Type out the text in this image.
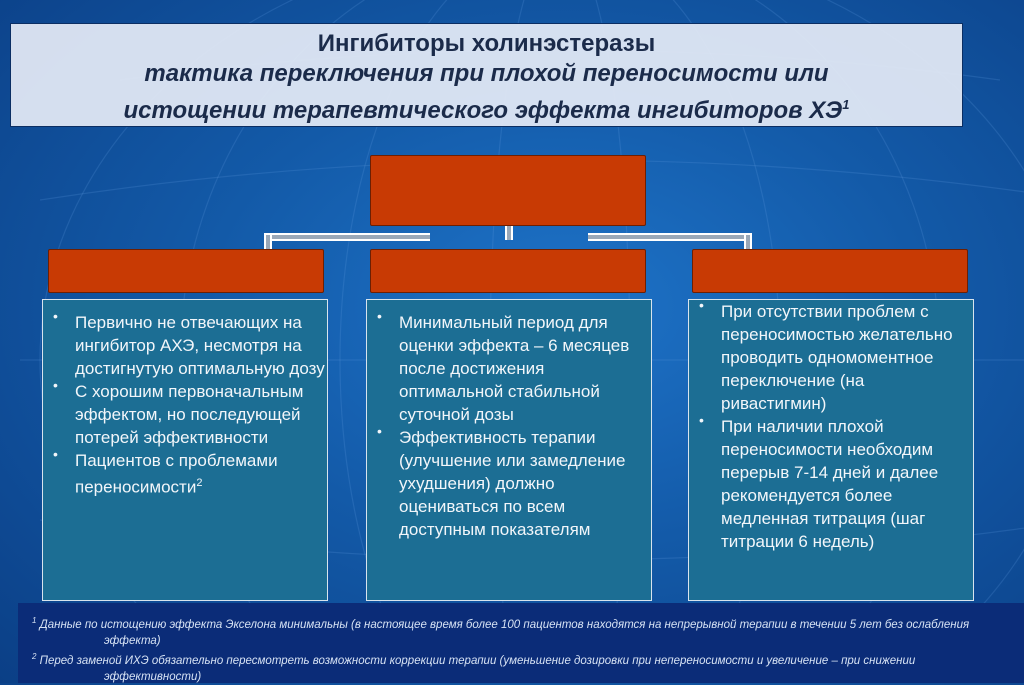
Ингибиторы холинэстеразы
тактика переключения при плохой переносимости или
истощении терапевтического эффекта ингибиторов $ХЭ^1$
• Первично не отвечающих на ингибитор АХЭ, несмотря на достигнутую оптимальную дозу
• С хорошим первоначальным эффектом, но последующей потерей эффективности
• Пациентов с проблемами переносимости$^2$
• Минимальный период для оценки эффекта – 6 месяцев после достижения оптимальной стабильной суточной дозы
• Эффективность терапии (улучшение или замедление ухудшения) должно оцениваться по всем доступным показателям
• При отсутствии проблем с переносимостью желательно проводить одномоментное переключение (на ривастигмин)
• При наличии плохой переносимости необходим перерыв 7-14 дней и далее рекомендуется более медленная титрация (шаг титрации 6 недель)
$^1$ Данные по истощению эффекта Экселона минимальны (в настоящее время более 100 пациентов находятся на непрерывной терапии в течении 5 лет без ослабления эффекта)
$^2$ Перед заменой ИХЭ обязательно пересмотреть возможности коррекции терапии (уменьшение дозировки при непереносимости и увеличение – при снижении эффективности)
